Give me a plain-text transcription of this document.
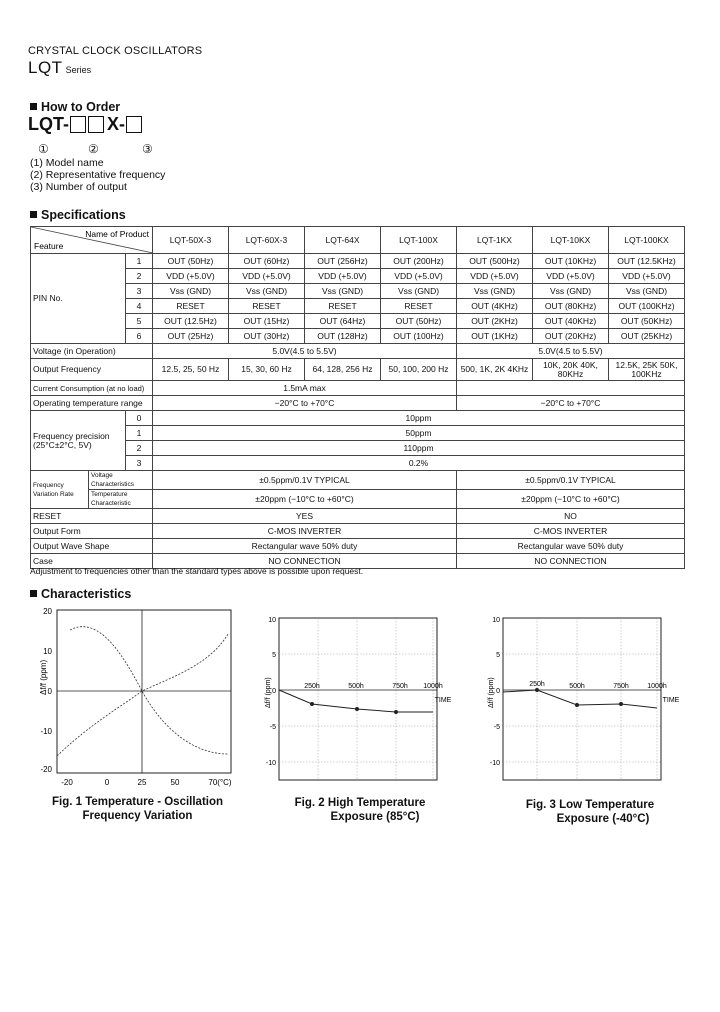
CRYSTAL CLOCK OSCILLATORS
LQT Series
How to Order
LQT- X-
①	②	③
(1) Model name
(2) Representative frequency
(3) Number of output
Specifications
Name of Product
Feature			LQT-50X-3	LQT-60X-3	LQT-64X	LQT-100X	LQT-1KX	LQT-10KX	LQT-100KX
PIN No.		1	OUT (50Hz)	OUT (60Hz)	OUT (256Hz)	OUT (200Hz)	OUT (500Hz)	OUT (10KHz)	OUT (12.5KHz)
		2	VDD (+5.0V)	VDD (+5.0V)	VDD (+5.0V)	VDD (+5.0V)	VDD (+5.0V)	VDD (+5.0V)	VDD (+5.0V)
		3	Vss (GND)	Vss (GND)	Vss (GND)	Vss (GND)	Vss (GND)	Vss (GND)	Vss (GND)
		4	RESET	RESET	RESET	RESET	OUT (4KHz)	OUT (80KHz)	OUT (100KHz)
		5	OUT (12.5Hz)	OUT (15Hz)	OUT (64Hz)	OUT (50Hz)	OUT (2KHz)	OUT (40KHz)	OUT (50KHz)
		6	OUT (25Hz)	OUT (30Hz)	OUT (128Hz)	OUT (100Hz)	OUT (1KHz)	OUT (20KHz)	OUT (25KHz)
Voltage (in Operation)			5.0V(4.5 to 5.5V)				5.0V(4.5 to 5.5V)		
Output Frequency			12.5, 25, 50 Hz	15, 30, 60 Hz	64, 128, 256 Hz	50, 100, 200 Hz	500, 1K, 2K 4KHz	10K, 20K 40K, 80KHz	12.5K, 25K 50K, 100KHz
Current Consumption (at no load)			1.5mA max						
Operating temperature range			−20°C to +70°C				−20°C to +70°C		
Frequency precision (25°C±2°C, 5V)		0	10ppm						
		1	50ppm						
		2	110ppm						
		3	0.2%						
Frequency Variation Rate	Voltage Characteristics		±0.5ppm/0.1V TYPICAL				±0.5ppm/0.1V TYPICAL		
	Temperature Characteristic		±20ppm (−10°C to +60°C)				±20ppm (−10°C to +60°C)		
RESET			YES				NO		
Output Form			C-MOS INVERTER				C-MOS INVERTER		
Output Wave Shape			Rectangular wave 50% duty				Rectangular wave 50% duty		
Case			NO CONNECTION				NO CONNECTION		
Adjustment to frequencies other than the standard types above is possible upon request.
Characteristics
Δf/f (ppm)
20
10
0
-10
-20
-20	0	25	50	70(°C)
Fig. 1 Temperature - Oscillation
Frequency Variation
Δf/f (ppm)
10
5
0
-5
-10
250h	500h	750h 1000h
TIME
Fig. 2 High Temperature
Exposure (85°C)
Δf/f (ppm)
10
5
0
-5
-10
250h	500h	750h	1000h
TIME
Fig. 3 Low Temperature
Exposure (-40°C)
